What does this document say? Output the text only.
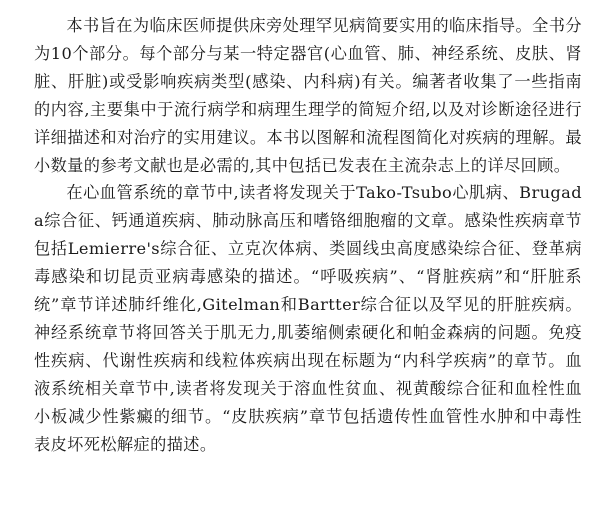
本书旨在为临床医师提供床旁处理罕见病简要实用的临床指导。全书分为10个部分。每个部分与某一特定器官(心血管、肺、神经系统、皮肤、肾脏、肝脏)或受影响疾病类型(感染、内科病)有关。编著者收集了一些指南的内容,主要集中于流行病学和病理生理学的简短介绍,以及对诊断途径进行详细描述和对治疗的实用建议。本书以图解和流程图简化对疾病的理解。最小数量的参考文献也是必需的,其中包括已发表在主流杂志上的详尽回顾。

在心血管系统的章节中,读者将发现关于Tako-Tsubo心肌病、Brugada综合征、钙通道疾病、肺动脉高压和嗜铬细胞瘤的文章。感染性疾病章节包括Lemierre's综合征、立克次体病、类圆线虫高度感染综合征、登革病毒感染和切昆贡亚病毒感染的描述。“呼吸疾病”、“肾脏疾病”和“肝脏系统”章节详述肺纤维化,Gitelman和Bartter综合征以及罕见的肝脏疾病。神经系统章节将回答关于肌无力,肌萎缩侧索硬化和帕金森病的问题。免疫性疾病、代谢性疾病和线粒体疾病出现在标题为“内科学疾病”的章节。血液系统相关章节中,读者将发现关于溶血性贫血、视黄酸综合征和血栓性血小板减少性紫癜的细节。“皮肤疾病”章节包括遗传性血管性水肿和中毒性表皮坏死松解症的描述。
